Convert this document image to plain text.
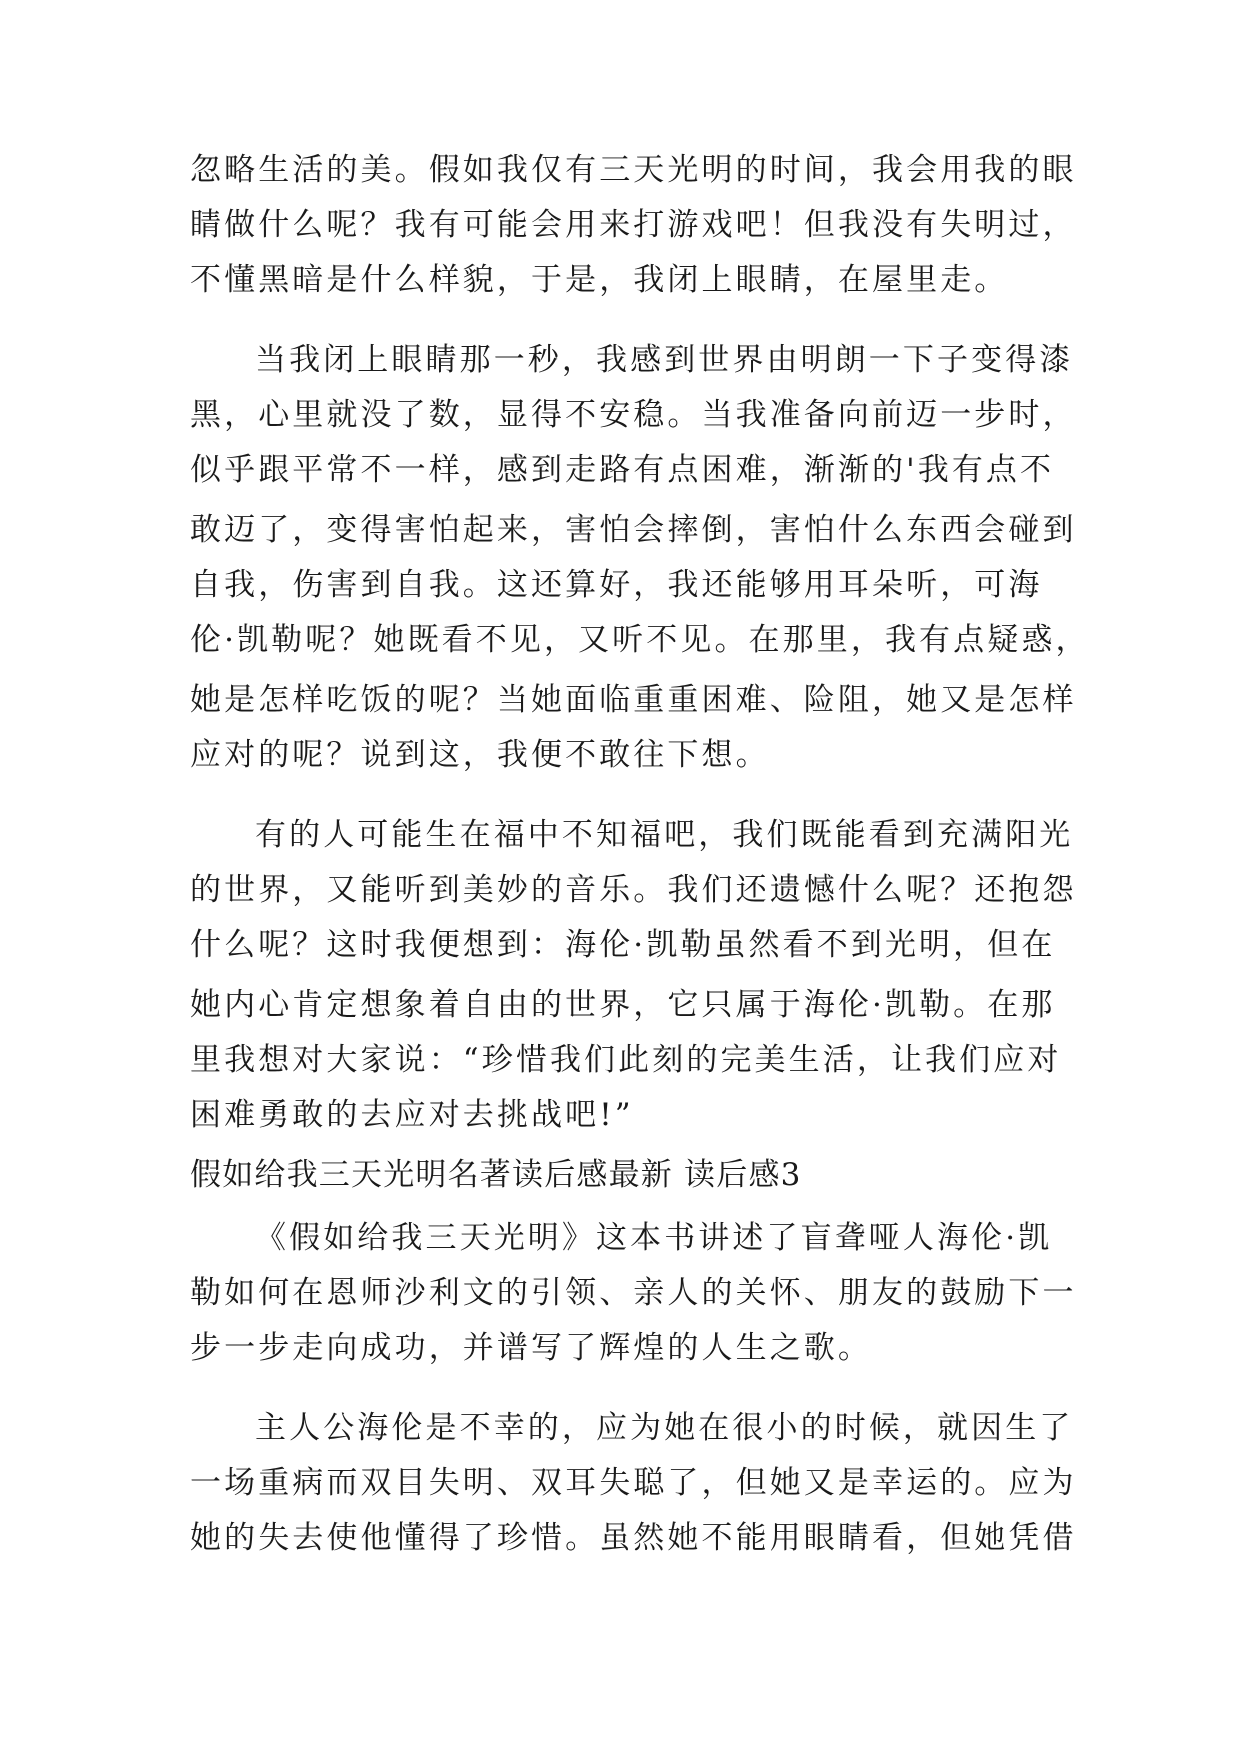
忽略生活的美。假如我仅有三天光明的时间，我会用我的眼
睛做什么呢？我有可能会用来打游戏吧！但我没有失明过，
不懂黑暗是什么样貌，于是，我闭上眼睛，在屋里走。
当我闭上眼睛那一秒，我感到世界由明朗一下子变得漆
黑，心里就没了数，显得不安稳。当我准备向前迈一步时，
似乎跟平常不一样，感到走路有点困难，渐渐的'我有点不
敢迈了，变得害怕起来，害怕会摔倒，害怕什么东西会碰到
自我，伤害到自我。这还算好，我还能够用耳朵听，可海
伦·凯勒呢？她既看不见，又听不见。在那里，我有点疑惑，
她是怎样吃饭的呢？当她面临重重困难、险阻，她又是怎样
应对的呢？说到这，我便不敢往下想。
有的人可能生在福中不知福吧，我们既能看到充满阳光
的世界，又能听到美妙的音乐。我们还遗憾什么呢？还抱怨
什么呢？这时我便想到：海伦·凯勒虽然看不到光明，但在
她内心肯定想象着自由的世界，它只属于海伦·凯勒。在那
里我想对大家说：“珍惜我们此刻的完美生活，让我们应对
困难勇敢的去应对去挑战吧!”
假如给我三天光明名著读后感最新 读后感3
《假如给我三天光明》这本书讲述了盲聋哑人海伦·凯
勒如何在恩师沙利文的引领、亲人的关怀、朋友的鼓励下一
步一步走向成功，并谱写了辉煌的人生之歌。
主人公海伦是不幸的，应为她在很小的时候，就因生了
一场重病而双目失明、双耳失聪了，但她又是幸运的。应为
她的失去使他懂得了珍惜。虽然她不能用眼睛看，但她凭借
